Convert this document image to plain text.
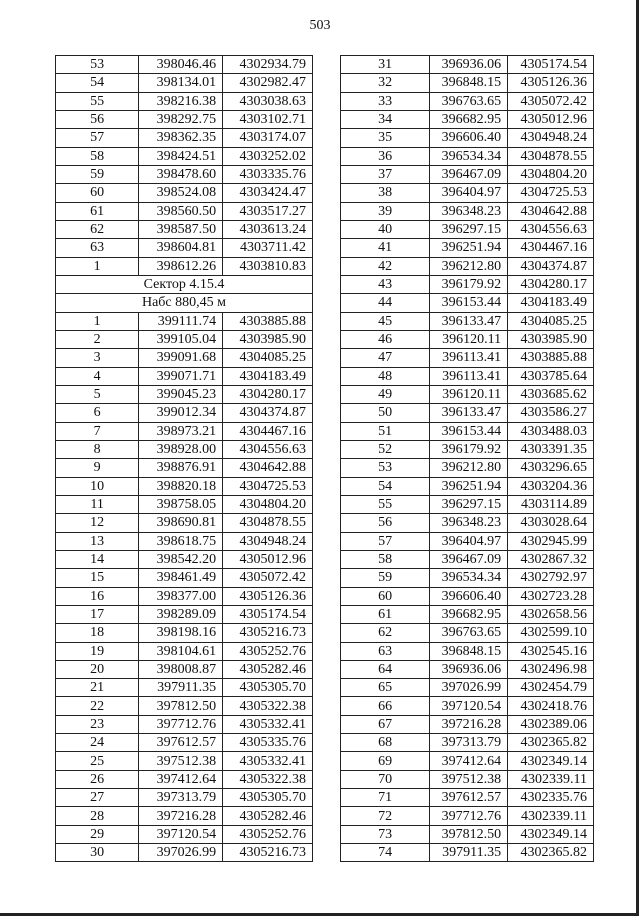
503
53	398046.46	4302934.79
54	398134.01	4302982.47
55	398216.38	4303038.63
56	398292.75	4303102.71
57	398362.35	4303174.07
58	398424.51	4303252.02
59	398478.60	4303335.76
60	398524.08	4303424.47
61	398560.50	4303517.27
62	398587.50	4303613.24
63	398604.81	4303711.42
1	398612.26	4303810.83
Сектор 4.15.4		
Набс 880,45 м		
1	399111.74	4303885.88
2	399105.04	4303985.90
3	399091.68	4304085.25
4	399071.71	4304183.49
5	399045.23	4304280.17
6	399012.34	4304374.87
7	398973.21	4304467.16
8	398928.00	4304556.63
9	398876.91	4304642.88
10	398820.18	4304725.53
11	398758.05	4304804.20
12	398690.81	4304878.55
13	398618.75	4304948.24
14	398542.20	4305012.96
15	398461.49	4305072.42
16	398377.00	4305126.36
17	398289.09	4305174.54
18	398198.16	4305216.73
19	398104.61	4305252.76
20	398008.87	4305282.46
21	397911.35	4305305.70
22	397812.50	4305322.38
23	397712.76	4305332.41
24	397612.57	4305335.76
25	397512.38	4305332.41
26	397412.64	4305322.38
27	397313.79	4305305.70
28	397216.28	4305282.46
29	397120.54	4305252.76
30	397026.99	4305216.73
31	396936.06	4305174.54
32	396848.15	4305126.36
33	396763.65	4305072.42
34	396682.95	4305012.96
35	396606.40	4304948.24
36	396534.34	4304878.55
37	396467.09	4304804.20
38	396404.97	4304725.53
39	396348.23	4304642.88
40	396297.15	4304556.63
41	396251.94	4304467.16
42	396212.80	4304374.87
43	396179.92	4304280.17
44	396153.44	4304183.49
45	396133.47	4304085.25
46	396120.11	4303985.90
47	396113.41	4303885.88
48	396113.41	4303785.64
49	396120.11	4303685.62
50	396133.47	4303586.27
51	396153.44	4303488.03
52	396179.92	4303391.35
53	396212.80	4303296.65
54	396251.94	4303204.36
55	396297.15	4303114.89
56	396348.23	4303028.64
57	396404.97	4302945.99
58	396467.09	4302867.32
59	396534.34	4302792.97
60	396606.40	4302723.28
61	396682.95	4302658.56
62	396763.65	4302599.10
63	396848.15	4302545.16
64	396936.06	4302496.98
65	397026.99	4302454.79
66	397120.54	4302418.76
67	397216.28	4302389.06
68	397313.79	4302365.82
69	397412.64	4302349.14
70	397512.38	4302339.11
71	397612.57	4302335.76
72	397712.76	4302339.11
73	397812.50	4302349.14
74	397911.35	4302365.82
